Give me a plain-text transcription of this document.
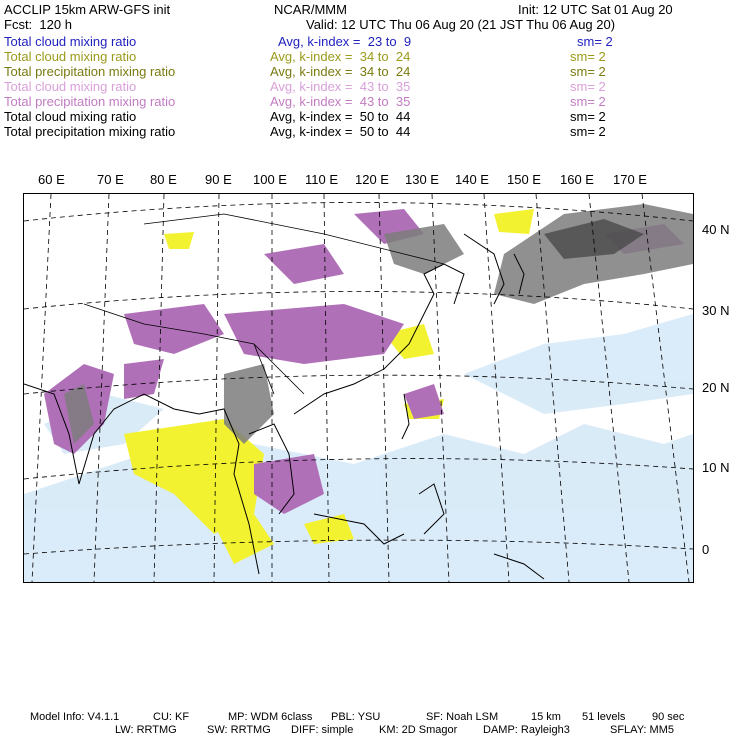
ACCLIP 15km ARW-GFS init	NCAR/MMM	Init: 12 UTC Sat 01 Aug 20
Fcst:  120 h	Valid: 12 UTC Thu 06 Aug 20 (21 JST Thu 06 Aug 20)
Total cloud mixing ratio	Avg, k-index =  23 to  9	sm= 2
Total cloud mixing ratio	Avg, k-index =  34 to  24	sm= 2
Total precipitation mixing ratio	Avg, k-index =  34 to  24	sm= 2
Total cloud mixing ratio	Avg, k-index =  43 to  35	sm= 2
Total precipitation mixing ratio	Avg, k-index =  43 to  35	sm= 2
Total cloud mixing ratio	Avg, k-index =  50 to  44	sm= 2
Total precipitation mixing ratio	Avg, k-index =  50 to  44	sm= 2
60 E 70 E 80 E 90 E 100 E 110 E 120 E 130 E 140 E 150 E 160 E 170 E
40 N
30 N
20 N
10 N
0
Model Info: V4.1.1	CU: KF	MP: WDM 6class PBL: YSU	SF: Noah LSM	15 km 51 levels 90 sec
LW: RRTMG	SW: RRTMG DIFF: simple KM: 2D Smagor DAMP: Rayleigh3	SFLAY: MM5
